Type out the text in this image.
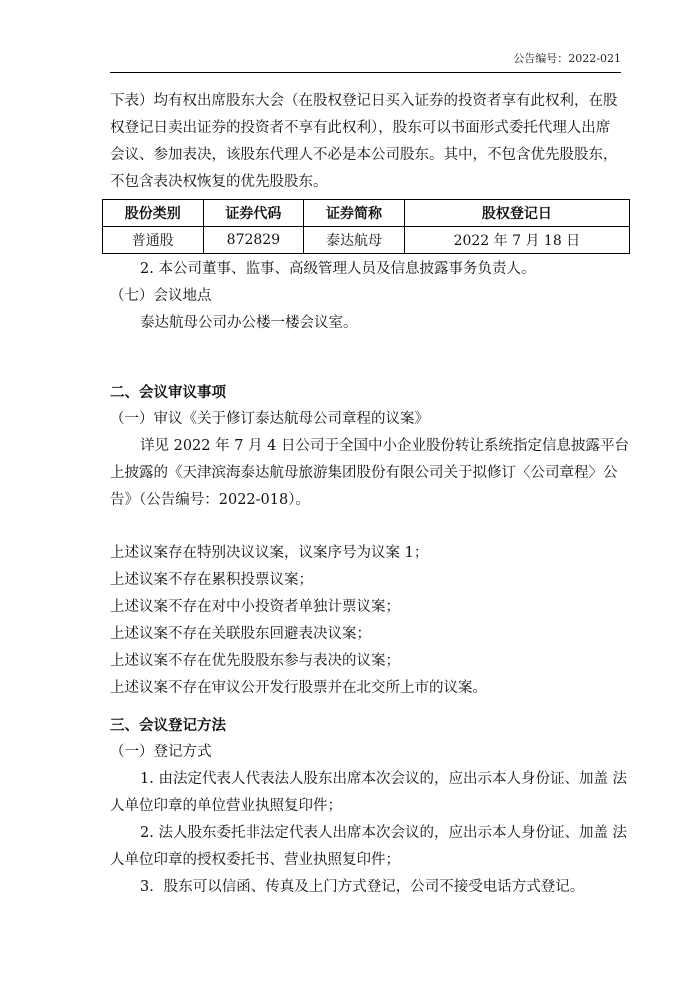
公告编号：2022-021

下表）均有权出席股东大会（在股权登记日买入证券的投资者享有此权利，在股

权登记日卖出证券的投资者不享有此权利），股东可以书面形式委托代理人出席

会议、参加表决，该股东代理人不必是本公司股东。其中，不包含优先股股东，

不包含表决权恢复的优先股股东。

股份类别	证券代码	证券简称	股权登记日
普通股	872829	泰达航母	2022 年 7 月 18 日

2. 本公司董事、监事、高级管理人员及信息披露事务负责人。

（七）会议地点

泰达航母公司办公楼一楼会议室。

二、会议审议事项

（一）审议《关于修订泰达航母公司章程的议案》

详见 2022 年 7 月 4 日公司于全国中小企业股份转让系统指定信息披露平台

上披露的《天津滨海泰达航母旅游集团股份有限公司关于拟修订〈公司章程〉公

告》（公告编号：2022-018）。

上述议案存在特别决议议案，议案序号为议案 1；

上述议案不存在累积投票议案；

上述议案不存在对中小投资者单独计票议案；

上述议案不存在关联股东回避表决议案；

上述议案不存在优先股股东参与表决的议案；

上述议案不存在审议公开发行股票并在北交所上市的议案。

三、会议登记方法

（一）登记方式

1. 由法定代表人代表法人股东出席本次会议的，应出示本人身份证、加盖 法

人单位印章的单位营业执照复印件；

2. 法人股东委托非法定代表人出席本次会议的，应出示本人身份证、加盖 法

人单位印章的授权委托书、营业执照复印件；

3．股东可以信函、传真及上门方式登记，公司不接受电话方式登记。
